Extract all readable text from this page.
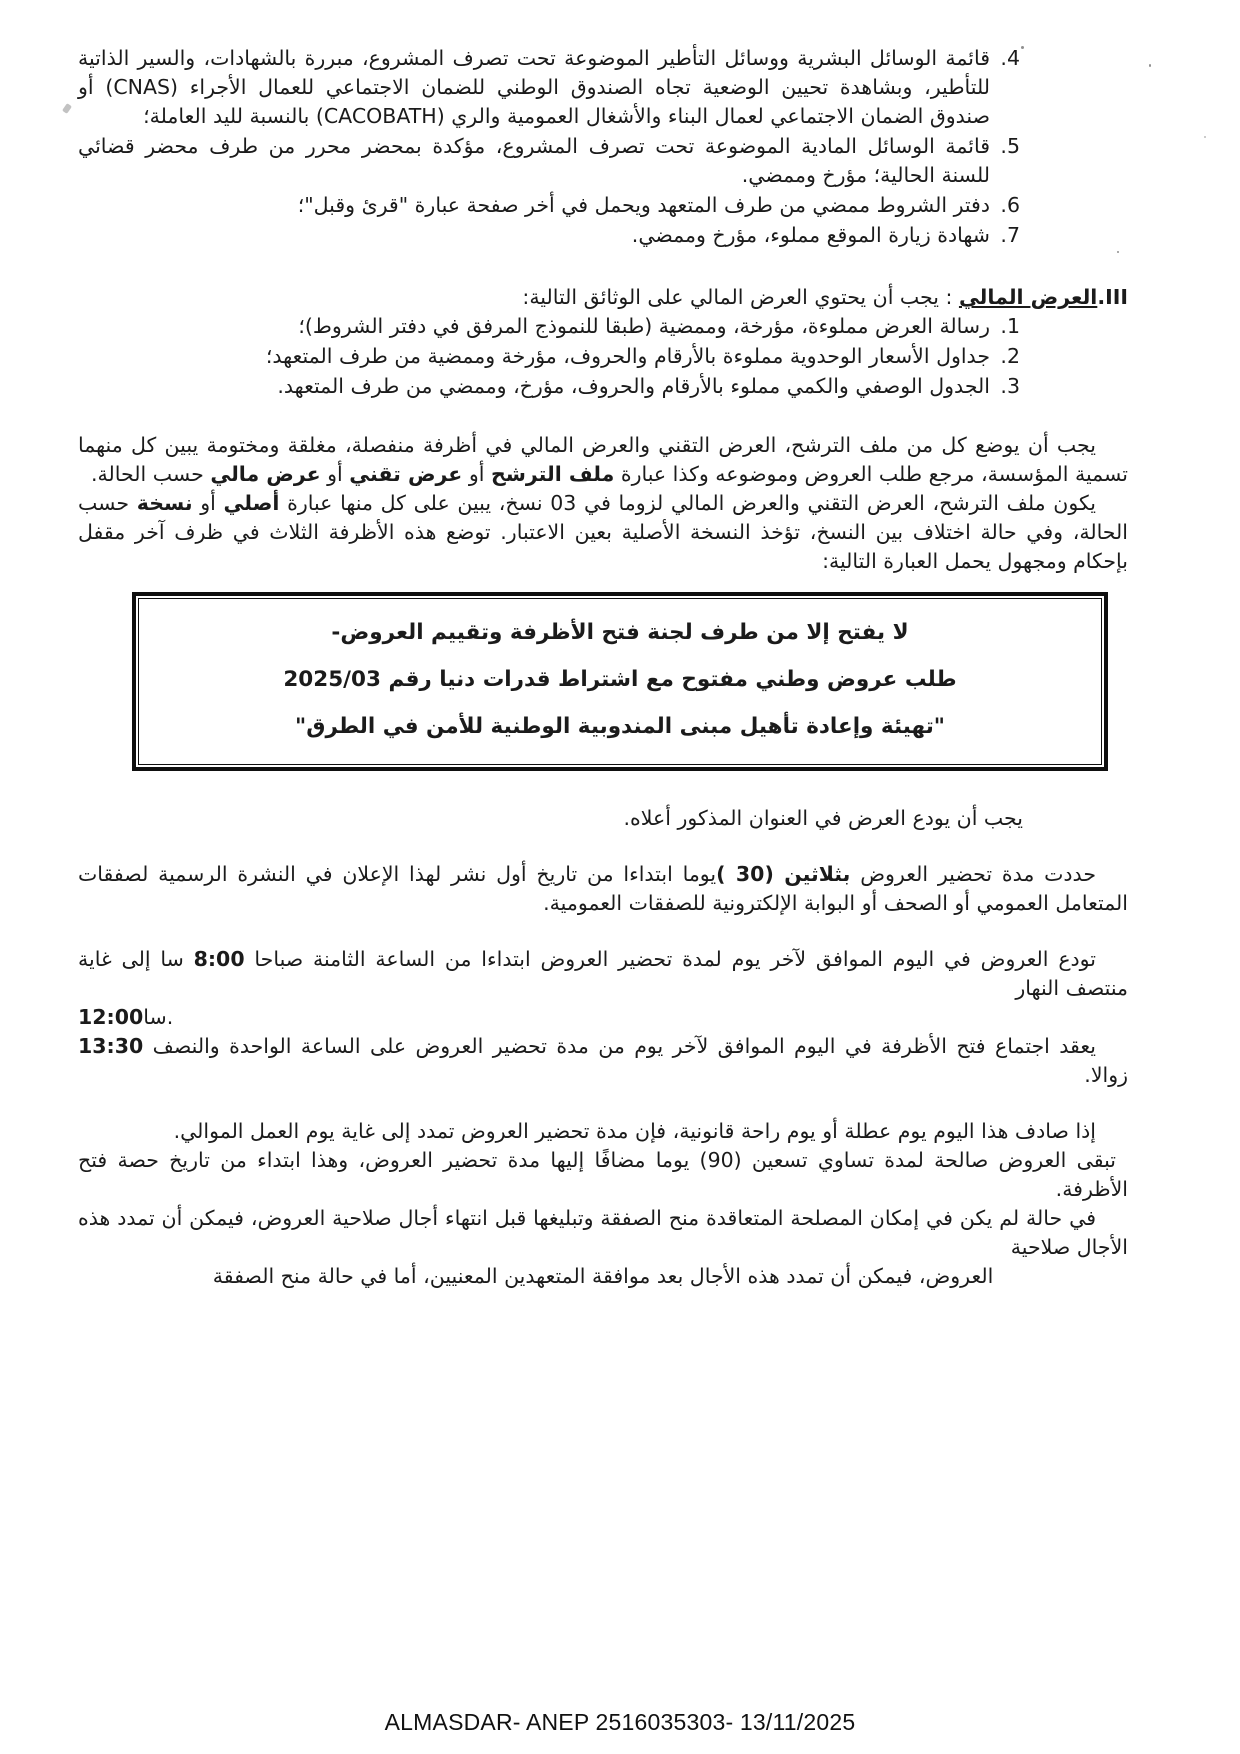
4.
قائمة الوسائل البشرية ووسائل التأطير الموضوعة تحت تصرف المشروع، مبررة بالشهادات، والسير الذاتية للتأطير، وبشاهدة تحيين الوضعية تجاه الصندوق الوطني للضمان الاجتماعي للعمال الأجراء (CNAS) أو صندوق الضمان الاجتماعي لعمال البناء والأشغال العمومية والري (CACOBATH) بالنسبة لليد العاملة؛
5.
قائمة الوسائل المادية الموضوعة تحت تصرف المشروع، مؤكدة بمحضر محرر من طرف محضر قضائي للسنة الحالية؛ مؤرخ وممضي.
6.
دفتر الشروط ممضي من طرف المتعهد ويحمل في أخر صفحة عبارة "قرئ وقبل"؛
7.
شهادة زيارة الموقع مملوء، مؤرخ وممضي.
III.العرض المالي : يجب أن يحتوي العرض المالي على الوثائق التالية:
1.
رسالة العرض مملوءة، مؤرخة، وممضية (طبقا للنموذج المرفق في دفتر الشروط)؛
2.
جداول الأسعار الوحدوية مملوءة بالأرقام والحروف، مؤرخة وممضية من طرف المتعهد؛
3.
الجدول الوصفي والكمي مملوء بالأرقام والحروف، مؤرخ، وممضي من طرف المتعهد.
يجب أن يوضع كل من ملف الترشح، العرض التقني والعرض المالي في أظرفة منفصلة، مغلقة ومختومة يبين كل منهما تسمية المؤسسة، مرجع طلب العروض وموضوعه وكذا عبارة ملف الترشح أو عرض تقني أو عرض مالي حسب الحالة.
يكون ملف الترشح، العرض التقني والعرض المالي لزوما في 03 نسخ، يبين على كل منها عبارة أصلي أو نسخة حسب الحالة، وفي حالة اختلاف بين النسخ، تؤخذ النسخة الأصلية بعين الاعتبار. توضع هذه الأظرفة الثلاث في ظرف آخر مقفل بإحكام ومجهول يحمل العبارة التالية:
لا يفتح إلا من طرف لجنة فتح الأظرفة وتقييم العروض-
طلب عروض وطني مفتوح مع اشتراط قدرات دنيا رقم 2025/03
"تهيئة وإعادة تأهيل مبنى المندوبية الوطنية للأمن في الطرق"
يجب أن يودع العرض في العنوان المذكور أعلاه.
حددت مدة تحضير العروض بثلاثين (30 )يوما ابتداءا من تاريخ أول نشر لهذا الإعلان في النشرة الرسمية لصفقات المتعامل العمومي أو الصحف أو البوابة الإلكترونية للصفقات العمومية.
تودع العروض في اليوم الموافق لآخر يوم لمدة تحضير العروض ابتداءا من الساعة الثامنة صباحا 8:00 سا إلى غاية منتصف النهار
12:00سا.
يعقد اجتماع فتح الأظرفة في اليوم الموافق لآخر يوم من مدة تحضير العروض على الساعة الواحدة والنصف 13:30 زوالا.
إذا صادف هذا اليوم يوم عطلة أو يوم راحة قانونية، فإن مدة تحضير العروض تمدد إلى غاية يوم العمل الموالي.
تبقى العروض صالحة لمدة تساوي تسعين (90) يوما مضافًا إليها مدة تحضير العروض، وهذا ابتداء من تاريخ حصة فتح الأظرفة.
في حالة لم يكن في إمكان المصلحة المتعاقدة منح الصفقة وتبليغها قبل انتهاء أجال صلاحية العروض، فيمكن أن تمدد هذه الأجال صلاحية
العروض، فيمكن أن تمدد هذه الأجال بعد موافقة المتعهدين المعنيين، أما في حالة منح الصفقة
ALMASDAR- ANEP 2516035303- 13/11/2025
